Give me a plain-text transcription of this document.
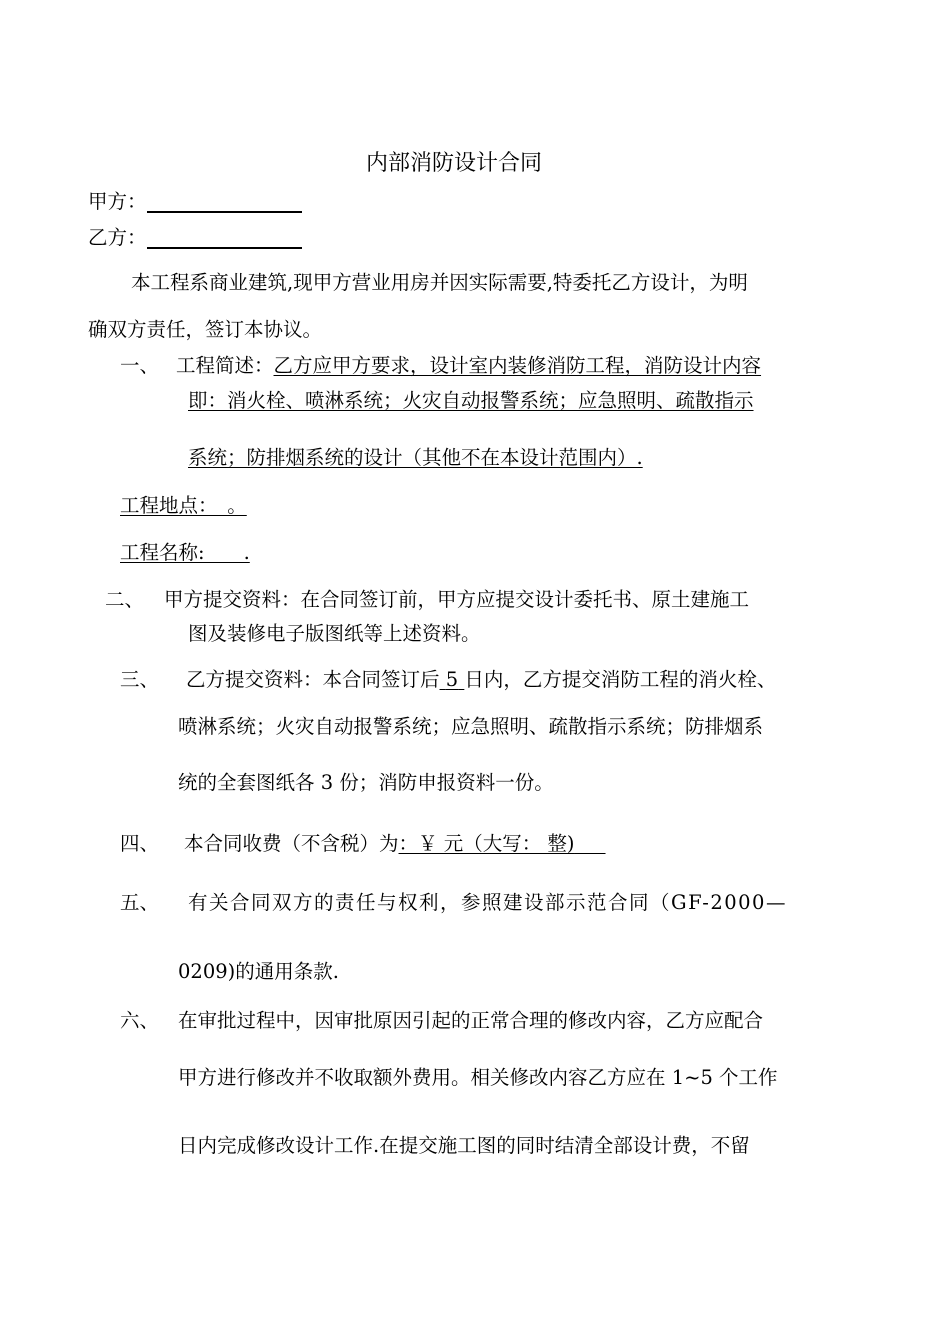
内部消防设计合同
甲方：
乙方：
本工程系商业建筑,现甲方营业用房并因实际需要,特委托乙方设计，为明
确双方责任，签订本协议。
一、 工程简述：乙方应甲方要求，设计室内装修消防工程，消防设计内容
即：消火栓、喷淋系统；火灾自动报警系统；应急照明、疏散指示
系统；防排烟系统的设计（其他不在本设计范围内）.
工程地点：　。
工程名称:　　.
二、 甲方提交资料：在合同签订前，甲方应提交设计委托书、原土建施工
图及装修电子版图纸等上述资料。
三、 乙方提交资料：本合同签订后 5 日内，乙方提交消防工程的消火栓、
喷淋系统；火灾自动报警系统；应急照明、疏散指示系统；防排烟系
统的全套图纸各 3 份；消防申报资料一份。
四、 本合同收费（不含税）为：￥ 元（大写： 整)
五、 有关合同双方的责任与权利，参照建设部示范合同（GF-2000—
0209)的通用条款.
六、 在审批过程中，因审批原因引起的正常合理的修改内容，乙方应配合
甲方进行修改并不收取额外费用。相关修改内容乙方应在 1~5 个工作
日内完成修改设计工作.在提交施工图的同时结清全部设计费，不留
